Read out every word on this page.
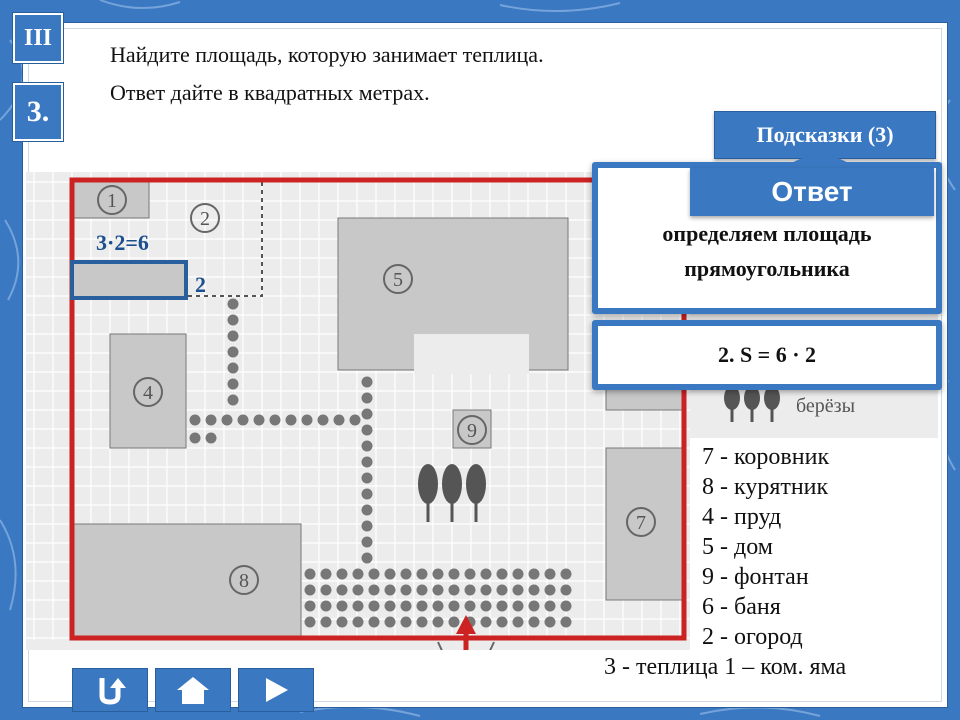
III
3.
Найдите площадь, которую занимает теплица.
Ответ дайте в квадратных метрах.
Подсказки (3)
1
2
4
5
7
8
9
3·2=6
2
берёзы
определяем площадь
прямоугольника
2. S = 6 · 2
Ответ
7 - коровник
8 - курятник
4 - пруд
5 - дом
9 - фонтан
6 - баня
2 - огород
3 - теплица 1 – ком. яма
